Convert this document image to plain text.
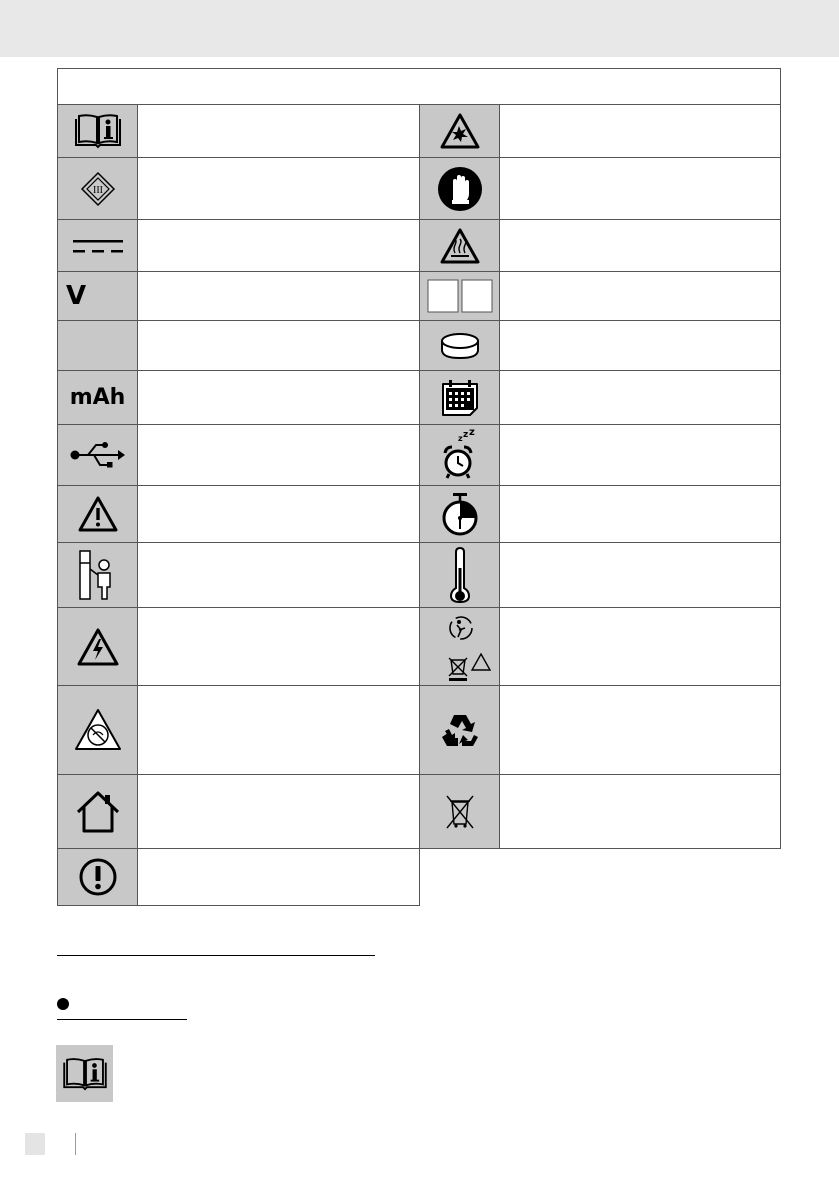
III
V
mAh
z z z
